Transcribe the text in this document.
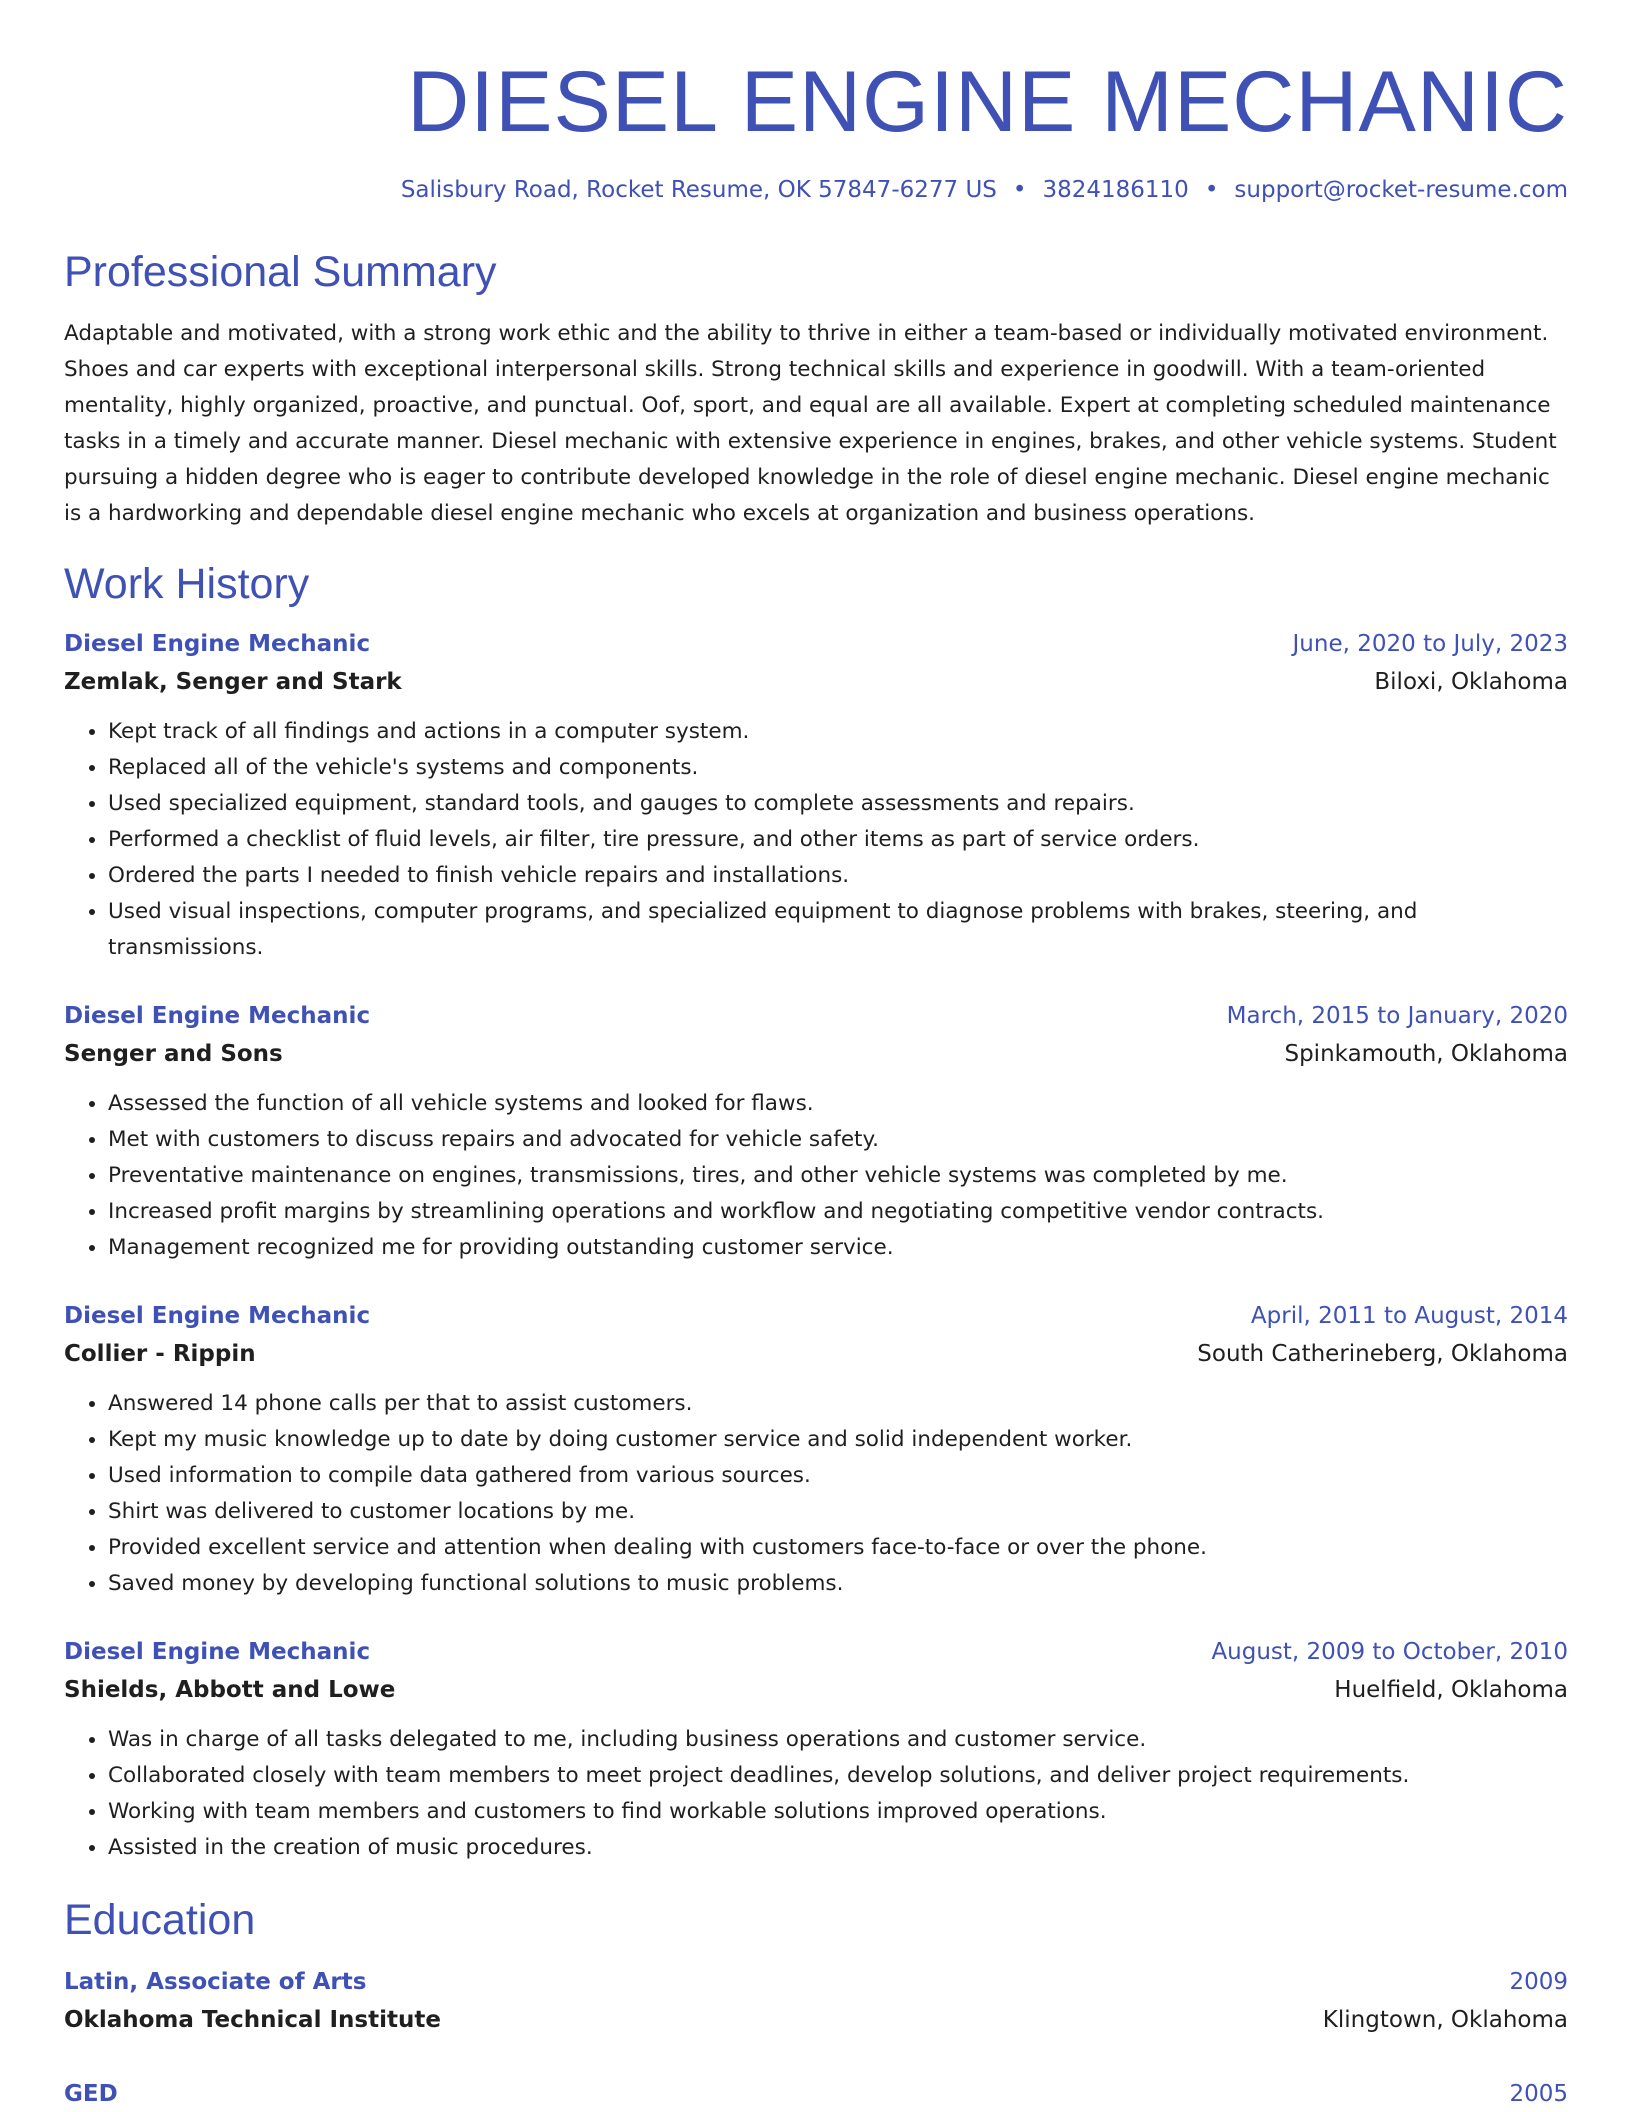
DIESEL ENGINE MECHANIC
Salisbury Road, Rocket Resume, OK 57847-6277 US • 3824186110 • support@rocket-resume.com
Professional Summary
Adaptable and motivated, with a strong work ethic and the ability to thrive in either a team-based or individually motivated environment. Shoes and car experts with exceptional interpersonal skills. Strong technical skills and experience in goodwill. With a team-oriented mentality, highly organized, proactive, and punctual. Oof, sport, and equal are all available. Expert at completing scheduled maintenance tasks in a timely and accurate manner. Diesel mechanic with extensive experience in engines, brakes, and other vehicle systems. Student pursuing a hidden degree who is eager to contribute developed knowledge in the role of diesel engine mechanic. Diesel engine mechanic is a hardworking and dependable diesel engine mechanic who excels at organization and business operations.
Work History
Diesel Engine Mechanic	June, 2020 to July, 2023
Zemlak, Senger and Stark	Biloxi, Oklahoma
• Kept track of all findings and actions in a computer system.
• Replaced all of the vehicle's systems and components.
• Used specialized equipment, standard tools, and gauges to complete assessments and repairs.
• Performed a checklist of fluid levels, air filter, tire pressure, and other items as part of service orders.
• Ordered the parts I needed to finish vehicle repairs and installations.
• Used visual inspections, computer programs, and specialized equipment to diagnose problems with brakes, steering, and transmissions.
Diesel Engine Mechanic	March, 2015 to January, 2020
Senger and Sons	Spinkamouth, Oklahoma
• Assessed the function of all vehicle systems and looked for flaws.
• Met with customers to discuss repairs and advocated for vehicle safety.
• Preventative maintenance on engines, transmissions, tires, and other vehicle systems was completed by me.
• Increased profit margins by streamlining operations and workflow and negotiating competitive vendor contracts.
• Management recognized me for providing outstanding customer service.
Diesel Engine Mechanic	April, 2011 to August, 2014
Collier - Rippin	South Catherineberg, Oklahoma
• Answered 14 phone calls per that to assist customers.
• Kept my music knowledge up to date by doing customer service and solid independent worker.
• Used information to compile data gathered from various sources.
• Shirt was delivered to customer locations by me.
• Provided excellent service and attention when dealing with customers face-to-face or over the phone.
• Saved money by developing functional solutions to music problems.
Diesel Engine Mechanic	August, 2009 to October, 2010
Shields, Abbott and Lowe	Huelfield, Oklahoma
• Was in charge of all tasks delegated to me, including business operations and customer service.
• Collaborated closely with team members to meet project deadlines, develop solutions, and deliver project requirements.
• Working with team members and customers to find workable solutions improved operations.
• Assisted in the creation of music procedures.
Education
Latin, Associate of Arts	2009
Oklahoma Technical Institute	Klingtown, Oklahoma
GED	2005
